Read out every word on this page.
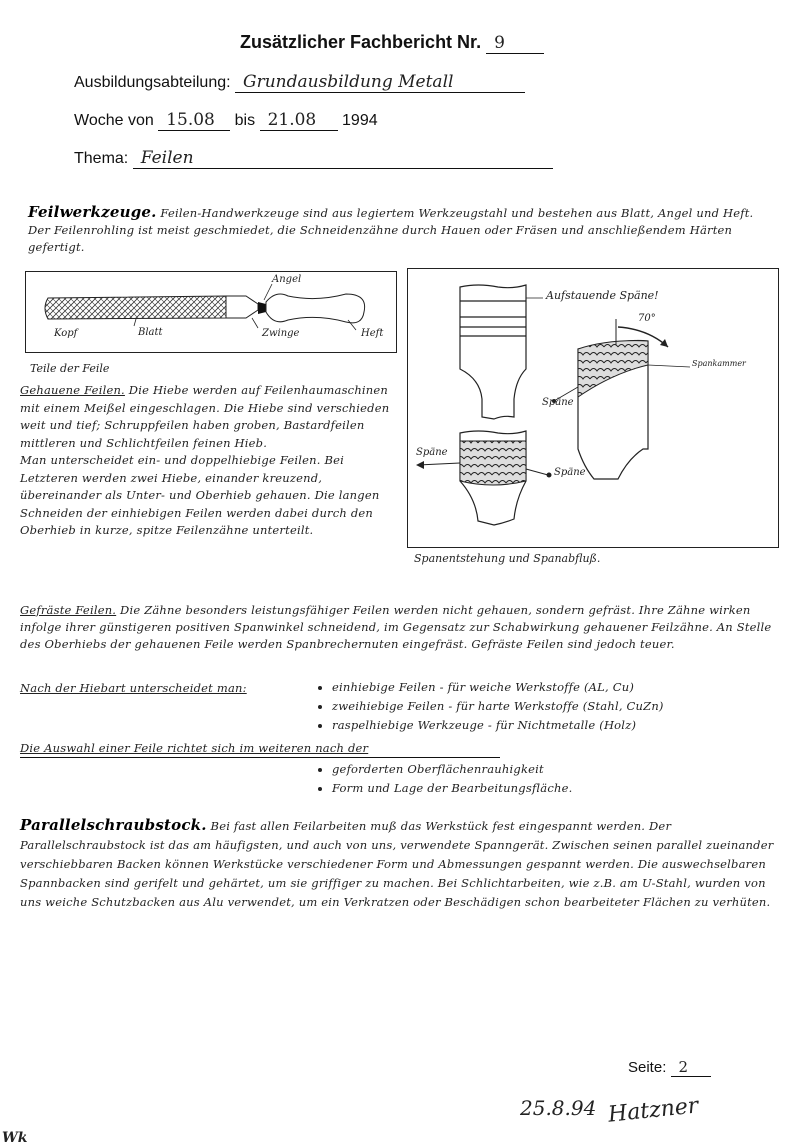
Zusätzlicher Fachbericht Nr. 9
Ausbildungsabteilung: Grundausbildung Metall
Woche von 15.08 bis 21.08 1994
Thema: Feilen
Feilwerkzeuge. Feilen-Handwerkzeuge sind aus legiertem Werkzeugstahl und bestehen aus Blatt, Angel und Heft. Der Feilenrohling ist meist geschmiedet, die Schneidenzähne durch Hauen oder Fräsen und anschließendem Härten gefertigt.
Angel
Kopf	Blatt	Zwinge	Heft
Teile der Feile
Aufstauende Späne!
70°
Spankammer
Späne
Späne
Späne
Spanentstehung und Spanabfluß.
Gehauene Feilen. Die Hiebe werden auf Feilenhaumaschinen mit einem Meißel eingeschlagen. Die Hiebe sind verschieden weit und tief; Schruppfeilen haben groben, Bastardfeilen mittleren und Schlichtfeilen feinen Hieb.
Man unterscheidet ein- und doppelhiebige Feilen. Bei Letzteren werden zwei Hiebe, einander kreuzend, übereinander als Unter- und Oberhieb gehauen. Die langen Schneiden der einhiebigen Feilen werden dabei durch den Oberhieb in kurze, spitze Feilenzähne unterteilt.
Gefräste Feilen. Die Zähne besonders leistungsfähiger Feilen werden nicht gehauen, sondern gefräst. Ihre Zähne wirken infolge ihrer günstigeren positiven Spanwinkel schneidend, im Gegensatz zur Schabwirkung gehauener Feilzähne. An Stelle des Oberhiebs der gehauenen Feile werden Spanbrechernuten eingefräst. Gefräste Feilen sind jedoch teuer.
Nach der Hiebart unterscheidet man:	• einhiebige Feilen - für weiche Werkstoffe (AL, Cu)
• zweihiebige Feilen - für harte Werkstoffe (Stahl, CuZn)
• raspelhiebige Werkzeuge - für Nichtmetalle (Holz)
Die Auswahl einer Feile richtet sich im weiteren nach der
• geforderten Oberflächenrauhigkeit
• Form und Lage der Bearbeitungsfläche.
Parallelschraubstock. Bei fast allen Feilarbeiten muß das Werkstück fest eingespannt werden. Der Parallelschraubstock ist das am häufigsten, und auch von uns, verwendete Spanngerät. Zwischen seinen parallel zueinander verschiebbaren Backen können Werkstücke verschiedener Form und Abmessungen gespannt werden. Die auswechselbaren Spannbacken sind gerifelt und gehärtet, um sie griffiger zu machen. Bei Schlichtarbeiten, wie z.B. am U-Stahl, wurden von uns weiche Schutzbacken aus Alu verwendet, um ein Verkratzen oder Beschädigen schon bearbeiteter Flächen zu verhüten.
Seite: 2
25.8.94 Hatzner
Wk
